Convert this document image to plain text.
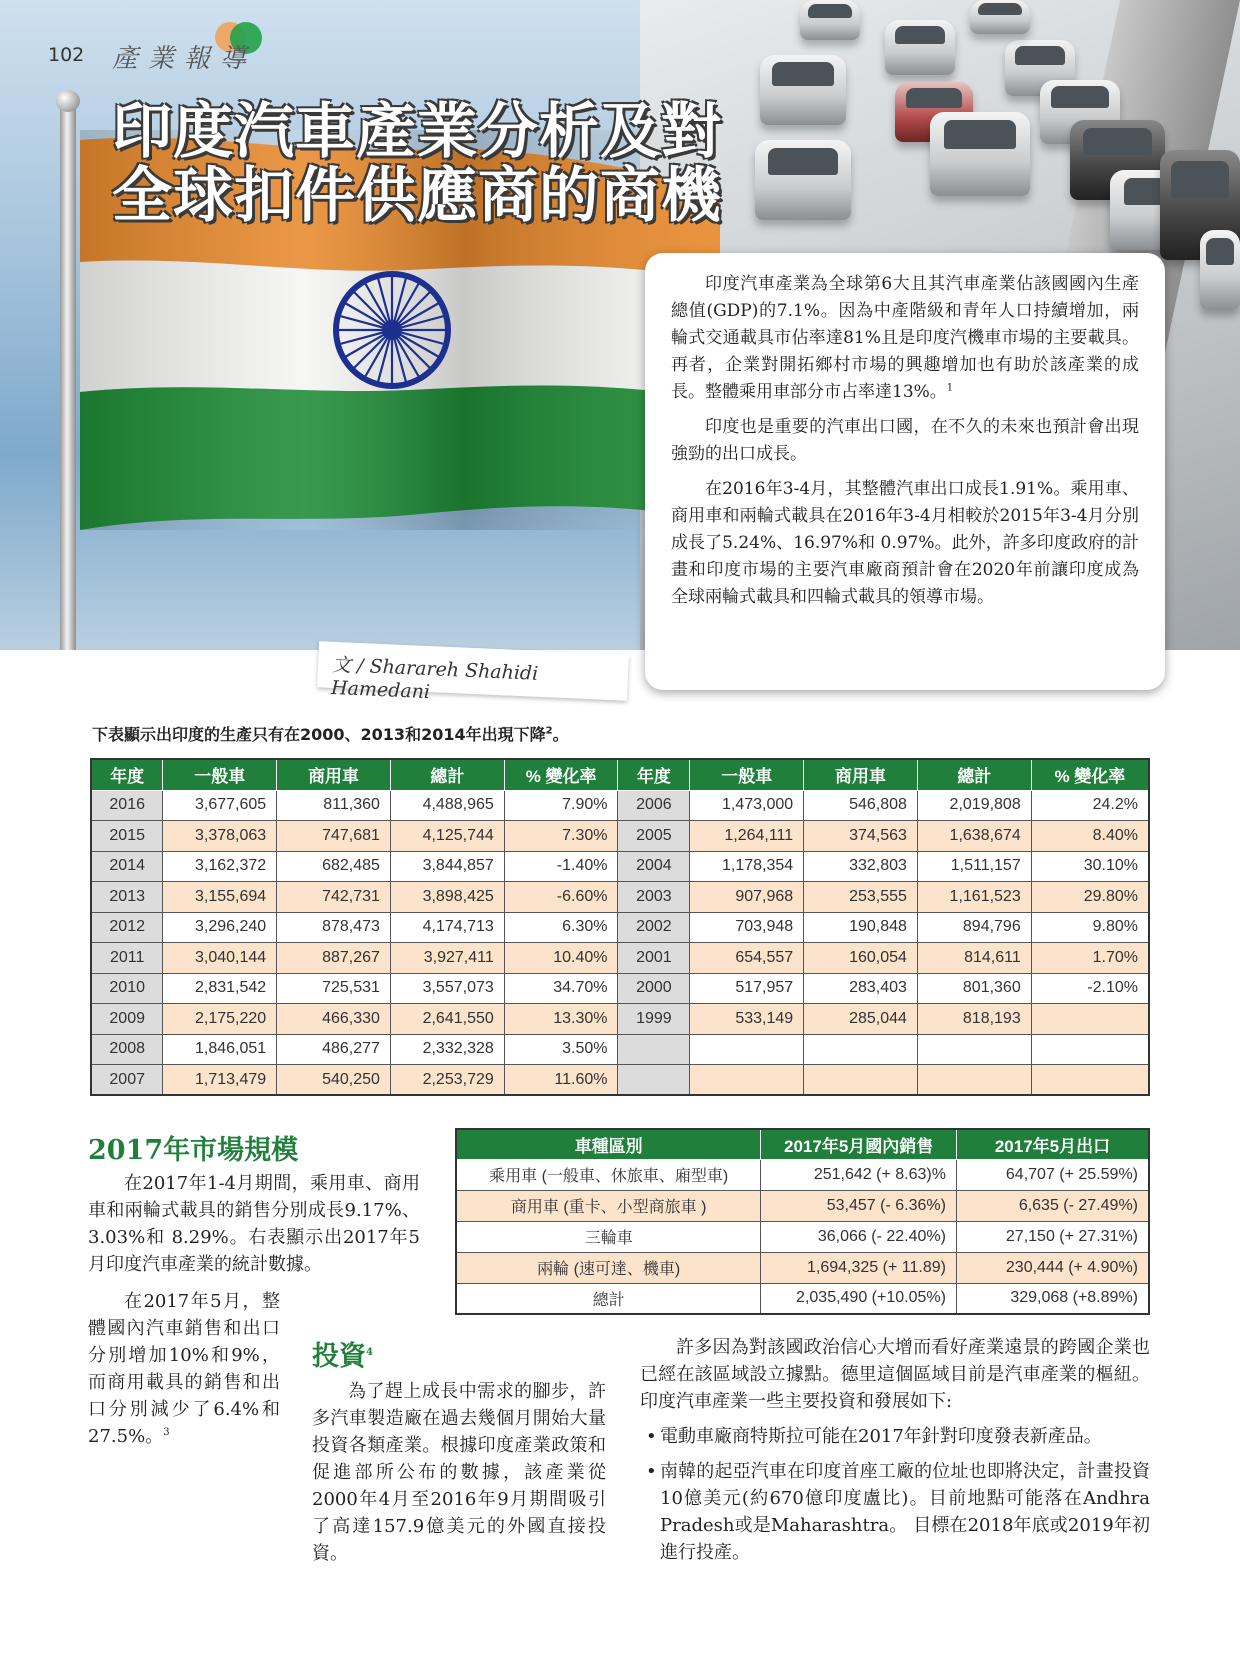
102 產業報導
印度汽車產業分析及對全球扣件供應商的商機

印度汽車產業為全球第6大且其汽車產業佔該國國內生產總值(GDP)的7.1%。因為中產階級和青年人口持續增加，兩輪式交通載具市佔率達81%且是印度汽機車市場的主要載具。再者，企業對開拓鄉村市場的興趣增加也有助於該產業的成長。整體乘用車部分市占率達13%。$^1$

印度也是重要的汽車出口國，在不久的未來也預計會出現強勁的出口成長。

在2016年3-4月，其整體汽車出口成長1.91%。乘用車、商用車和兩輪式載具在2016年3-4月相較於2015年3-4月分別成長了5.24%、16.97%和 0.97%。此外，許多印度政府的計畫和印度市場的主要汽車廠商預計會在2020年前讓印度成為全球兩輪式載具和四輪式載具的領導市場。

文 / Sharareh Shahidi Hamedani
下表顯示出印度的生產只有在2000、2013和2014年出現下降$^2$。
年度	一般車	商用車	總計	% 變化率	年度	一般車	商用車	總計	% 變化率
2016	3,677,605	811,360	4,488,965	7.90%	2006	1,473,000	546,808	2,019,808	24.2%
2015	3,378,063	747,681	4,125,744	7.30%	2005	1,264,111	374,563	1,638,674	8.40%
2014	3,162,372	682,485	3,844,857	-1.40%	2004	1,178,354	332,803	1,511,157	30.10%
2013	3,155,694	742,731	3,898,425	-6.60%	2003	907,968	253,555	1,161,523	29.80%
2012	3,296,240	878,473	4,174,713	6.30%	2002	703,948	190,848	894,796	9.80%
2011	3,040,144	887,267	3,927,411	10.40%	2001	654,557	160,054	814,611	1.70%
2010	2,831,542	725,531	3,557,073	34.70%	2000	517,957	283,403	801,360	-2.10%
2009	2,175,220	466,330	2,641,550	13.30%	1999	533,149	285,044	818,193	
2008	1,846,051	486,277	2,332,328	3.50%					
2007	1,713,479	540,250	2,253,729	11.60%					
2017年市場規模

在2017年1-4月期間，乘用車、商用車和兩輪式載具的銷售分別成長9.17%、3.03%和 8.29%。右表顯示出2017年5月印度汽車產業的統計數據。

在2017年5月，整體國內汽車銷售和出口分別增加10%和9%，而商用載具的銷售和出口分別減少了6.4%和27.5%。$^3$

車種區別	2017年5月國內銷售	2017年5月出口
乘用車 (一般車、休旅車、廂型車)	251,642 (+ 8.63)%	64,707 (+ 25.59%)
商用車 (重卡、小型商旅車 )	53,457 (- 6.36%)	6,635 (- 27.49%)
三輪車	36,066 (- 22.40%)	27,150 (+ 27.31%)
兩輪 (速可達、機車)	1,694,325 (+ 11.89)	230,444 (+ 4.90%)
總計	2,035,490 (+10.05%)	329,068 (+8.89%)
投資$^4$

為了趕上成長中需求的腳步，許多汽車製造廠在過去幾個月開始大量投資各類產業。根據印度產業政策和促進部所公布的數據，該產業從2000年4月至2016年9月期間吸引了高達157.9億美元的外國直接投資。

許多因為對該國政治信心大增而看好產業遠景的跨國企業也已經在該區域設立據點。德里這個區域目前是汽車產業的樞紐。印度汽車產業一些主要投資和發展如下:

• 電動車廠商特斯拉可能在2017年針對印度發表新產品。

• 南韓的起亞汽車在印度首座工廠的位址也即將決定，計畫投資10億美元(約670億印度盧比)。目前地點可能落在Andhra Pradesh或是Maharashtra。 目標在2018年底或2019年初進行投產。
